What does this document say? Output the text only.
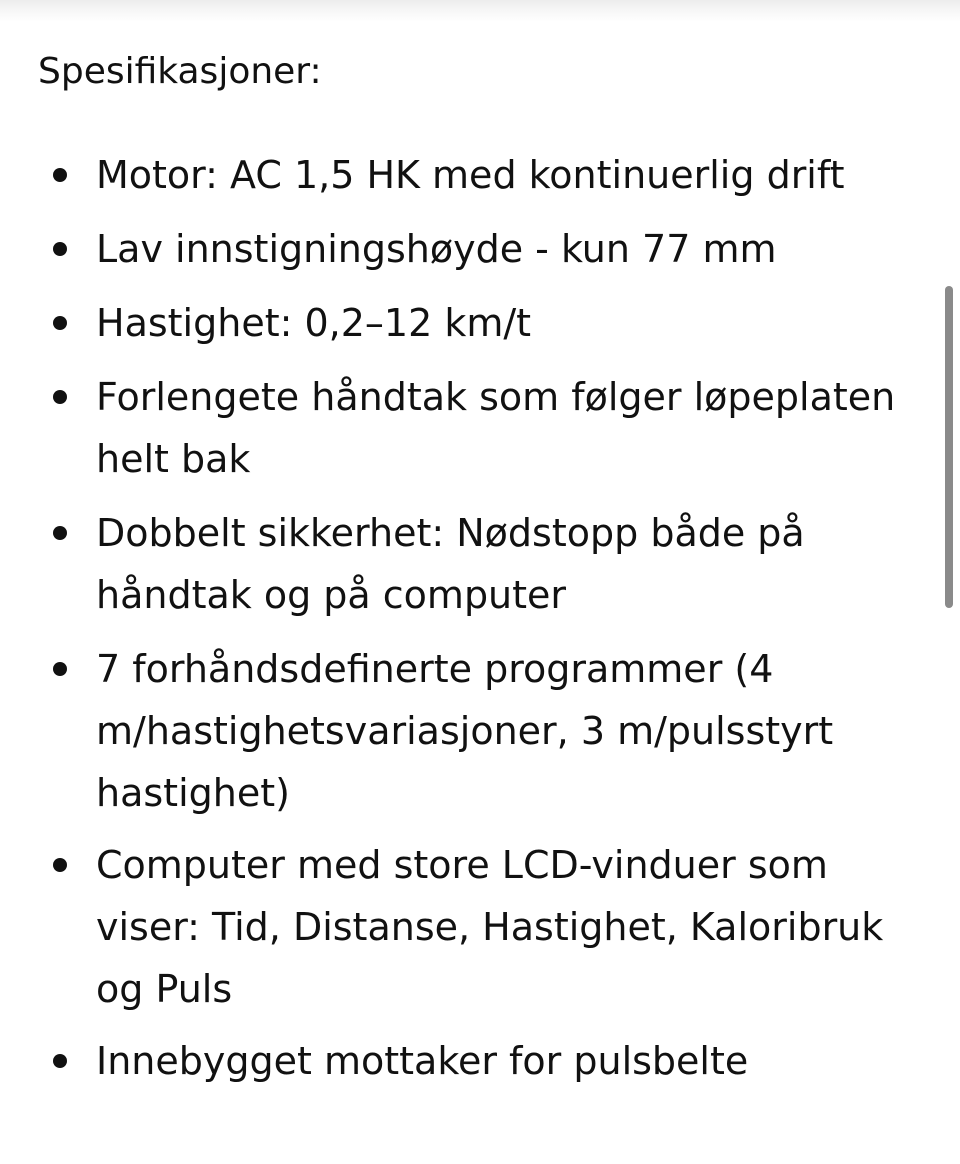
Spesifikasjoner:
Motor: AC 1,5 HK med kontinuerlig drift
Lav innstigningshøyde - kun 77 mm
Hastighet: 0,2–12 km/t
Forlengete håndtak som følger løpeplaten helt bak
Dobbelt sikkerhet: Nødstopp både på håndtak og på computer
7 forhåndsdefinerte programmer (4 m/hastighetsvariasjoner, 3 m/pulsstyrt hastighet)
Computer med store LCD-vinduer som viser: Tid, Distanse, Hastighet, Kaloribruk og Puls
Innebygget mottaker for pulsbelte
